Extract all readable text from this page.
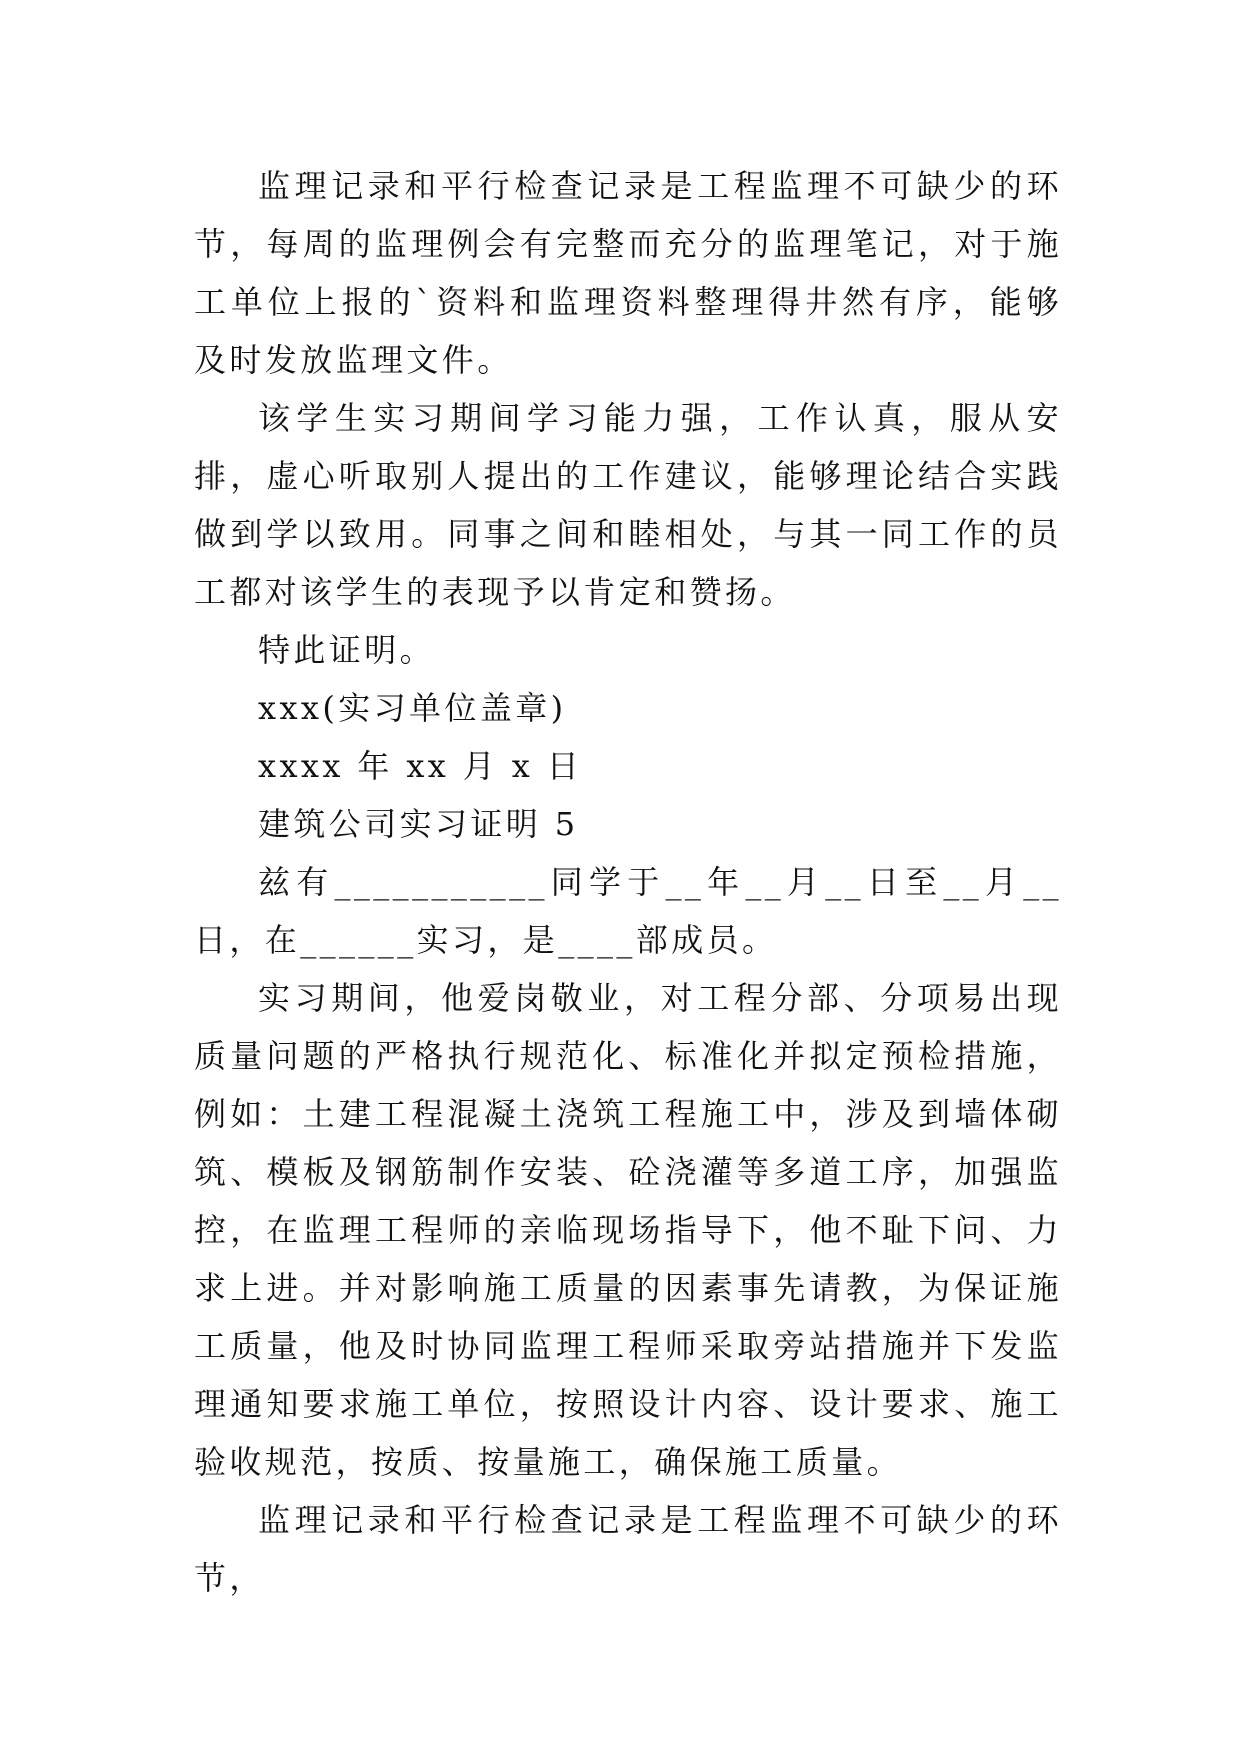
监理记录和平行检查记录是工程监理不可缺少的环节，每周的监理例会有完整而充分的监理笔记，对于施工单位上报的`资料和监理资料整理得井然有序，能够及时发放监理文件。

该学生实习期间学习能力强，工作认真，服从安排，虚心听取别人提出的工作建议，能够理论结合实践做到学以致用。同事之间和睦相处，与其一同工作的员工都对该学生的表现予以肯定和赞扬。

特此证明。

xxx(实习单位盖章)

xxxx 年 xx 月 x 日

建筑公司实习证明 5

兹有___________同学于__年__月__日至__月__日，在______实习，是____部成员。

实习期间，他爱岗敬业，对工程分部、分项易出现质量问题的严格执行规范化、标准化并拟定预检措施，例如：土建工程混凝土浇筑工程施工中，涉及到墙体砌筑、模板及钢筋制作安装、砼浇灌等多道工序，加强监控，在监理工程师的亲临现场指导下，他不耻下问、力求上进。并对影响施工质量的因素事先请教，为保证施工质量，他及时协同监理工程师采取旁站措施并下发监理通知要求施工单位，按照设计内容、设计要求、施工验收规范，按质、按量施工，确保施工质量。

监理记录和平行检查记录是工程监理不可缺少的环节，
